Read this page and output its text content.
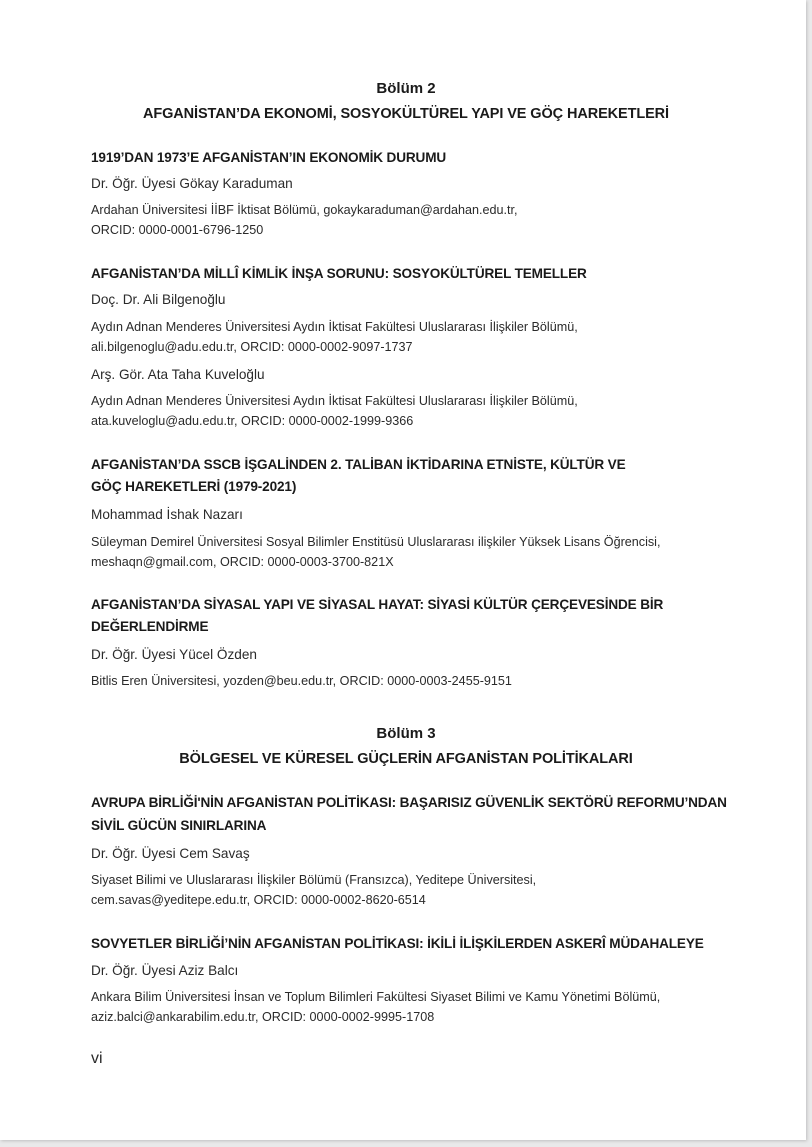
Bölüm 2
AFGANİSTAN’DA EKONOMİ, SOSYOKÜLTÜREL YAPI VE GÖÇ HAREKETLERİ
1919’DAN 1973’E AFGANİSTAN’IN EKONOMİK DURUMU
Dr. Öğr. Üyesi Gökay Karaduman
Ardahan Üniversitesi İİBF İktisat Bölümü, gokaykaraduman@ardahan.edu.tr,
ORCID: 0000-0001-6796-1250
AFGANİSTAN’DA MİLLÎ KİMLİK İNŞA SORUNU: SOSYOKÜLTÜREL TEMELLER
Doç. Dr. Ali Bilgenoğlu
Aydın Adnan Menderes Üniversitesi Aydın İktisat Fakültesi Uluslararası İlişkiler Bölümü,
ali.bilgenoglu@adu.edu.tr, ORCID: 0000-0002-9097-1737
Arş. Gör. Ata Taha Kuveloğlu
Aydın Adnan Menderes Üniversitesi Aydın İktisat Fakültesi Uluslararası İlişkiler Bölümü,
ata.kuveloglu@adu.edu.tr, ORCID: 0000-0002-1999-9366
AFGANİSTAN’DA SSCB İŞGALİNDEN 2. TALİBAN İKTİDARINA ETNİSTE, KÜLTÜR VE
GÖÇ HAREKETLERİ (1979-2021)
Mohammad İshak Nazarı
Süleyman Demirel Üniversitesi Sosyal Bilimler Enstitüsü Uluslararası ilişkiler Yüksek Lisans Öğrencisi,
meshaqn@gmail.com, ORCID: 0000-0003-3700-821X
AFGANİSTAN’DA SİYASAL YAPI VE SİYASAL HAYAT: SİYASİ KÜLTÜR ÇERÇEVESİNDE BİR
DEĞERLENDİRME
Dr. Öğr. Üyesi Yücel Özden
Bitlis Eren Üniversitesi, yozden@beu.edu.tr, ORCID: 0000-0003-2455-9151
Bölüm 3
BÖLGESEL VE KÜRESEL GÜÇLERİN AFGANİSTAN POLİTİKALARI
AVRUPA BİRLİĞİ'NİN AFGANİSTAN POLİTİKASI: BAŞARISIZ GÜVENLİK SEKTÖRÜ REFORMU’NDAN
SİVİL GÜCÜN SINIRLARINA
Dr. Öğr. Üyesi Cem Savaş
Siyaset Bilimi ve Uluslararası İlişkiler Bölümü (Fransızca), Yeditepe Üniversitesi,
cem.savas@yeditepe.edu.tr, ORCID: 0000-0002-8620-6514
SOVYETLER BİRLİĞİ’NİN AFGANİSTAN POLİTİKASI: İKİLİ İLİŞKİLERDEN ASKERÎ MÜDAHALEYE
Dr. Öğr. Üyesi Aziz Balcı
Ankara Bilim Üniversitesi İnsan ve Toplum Bilimleri Fakültesi Siyaset Bilimi ve Kamu Yönetimi Bölümü,
aziz.balci@ankarabilim.edu.tr, ORCID: 0000-0002-9995-1708
vi
